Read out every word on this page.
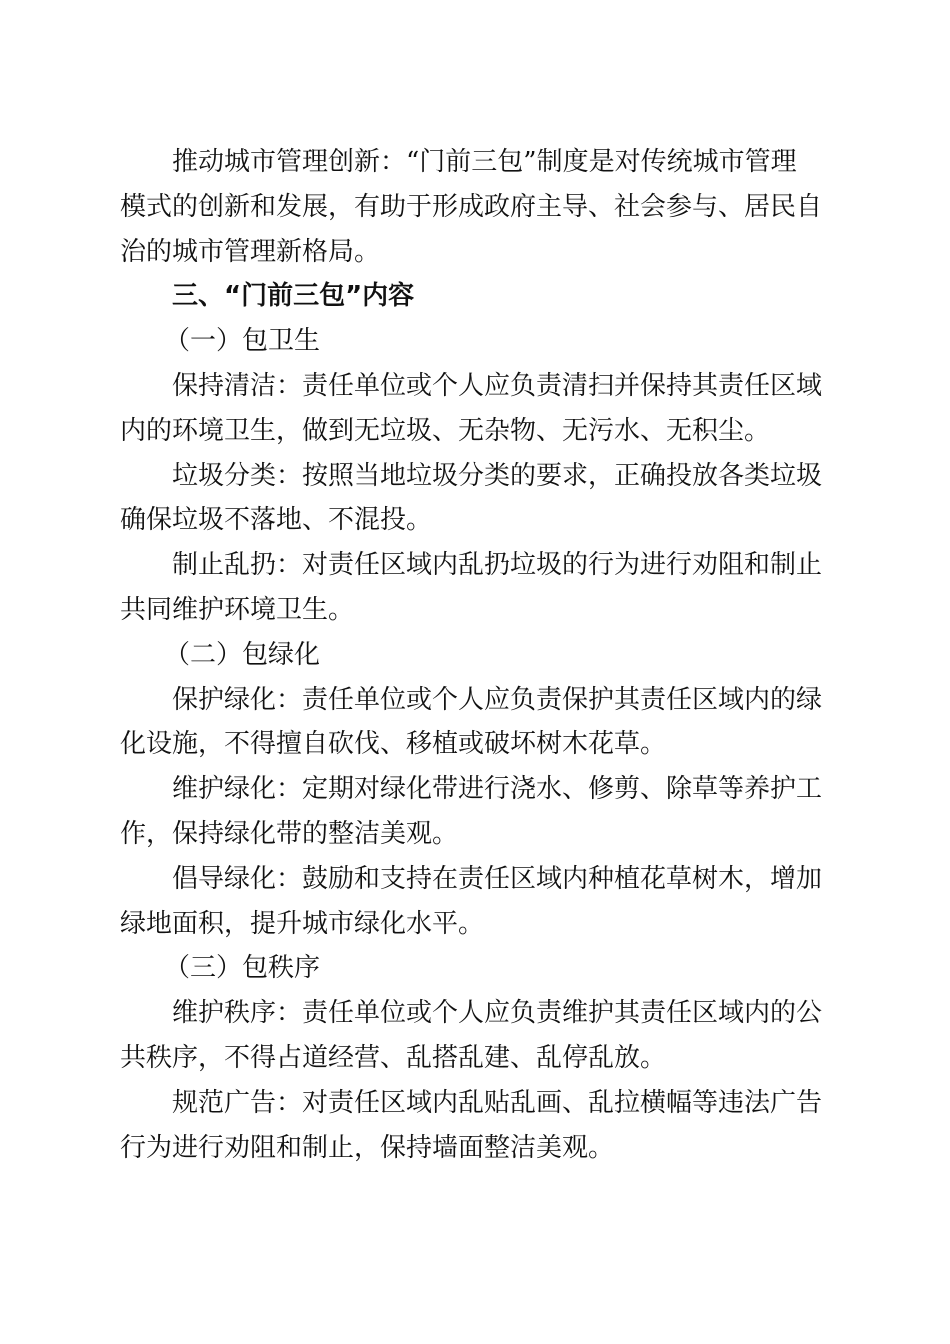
推动城市管理创新：“门前三包”制度是对传统城市管理
模式的创新和发展，有助于形成政府主导、社会参与、居民自
治的城市管理新格局。

三、“门前三包”内容
（一）包卫生

保持清洁：责任单位或个人应负责清扫并保持其责任区域
内的环境卫生，做到无垃圾、无杂物、无污水、无积尘。

垃圾分类：按照当地垃圾分类的要求，正确投放各类垃圾
确保垃圾不落地、不混投。

制止乱扔：对责任区域内乱扔垃圾的行为进行劝阻和制止
共同维护环境卫生。

（二）包绿化

保护绿化：责任单位或个人应负责保护其责任区域内的绿
化设施，不得擅自砍伐、移植或破坏树木花草。

维护绿化：定期对绿化带进行浇水、修剪、除草等养护工
作，保持绿化带的整洁美观。

倡导绿化：鼓励和支持在责任区域内种植花草树木，增加
绿地面积，提升城市绿化水平。

（三）包秩序

维护秩序：责任单位或个人应负责维护其责任区域内的公
共秩序，不得占道经营、乱搭乱建、乱停乱放。

规范广告：对责任区域内乱贴乱画、乱拉横幅等违法广告
行为进行劝阻和制止，保持墙面整洁美观。
